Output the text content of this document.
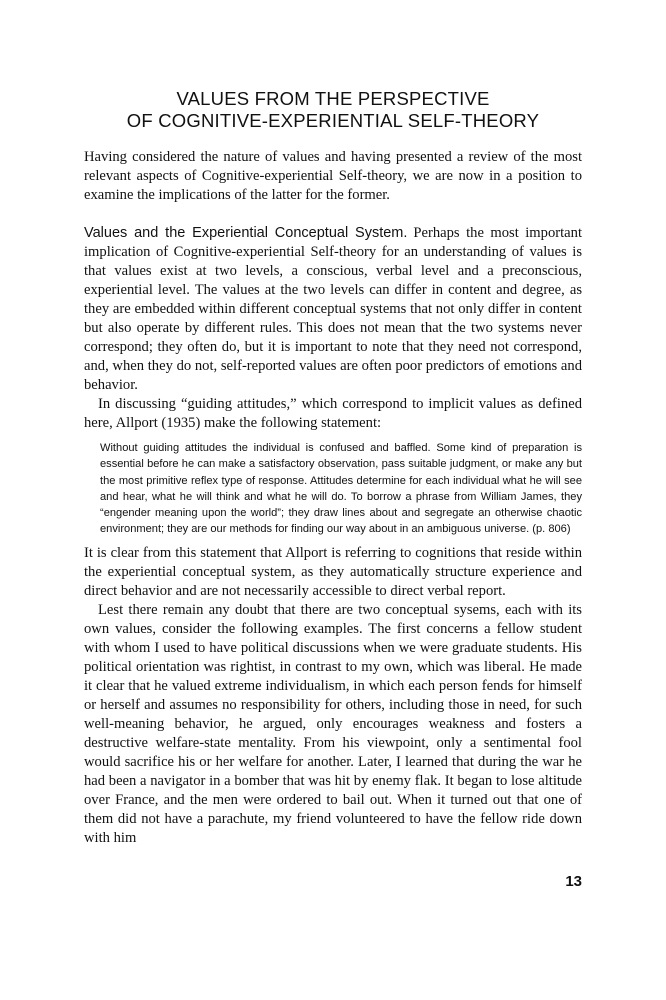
VALUES FROM THE PERSPECTIVE
OF COGNITIVE-EXPERIENTIAL SELF-THEORY

Having considered the nature of values and having presented a review of the most relevant aspects of Cognitive-experiential Self-theory, we are now in a position to examine the implications of the latter for the former.

Values and the Experiential Conceptual System. Perhaps the most important implication of Cognitive-experiential Self-theory for an understanding of values is that values exist at two levels, a conscious, verbal level and a preconscious, experiential level. The values at the two levels can differ in content and degree, as they are embedded within different conceptual systems that not only differ in content but also operate by different rules. This does not mean that the two systems never correspond; they often do, but it is important to note that they need not correspond, and, when they do not, self-reported values are often poor predictors of emotions and behavior.

In discussing “guiding attitudes,” which correspond to implicit values as defined here, Allport (1935) make the following statement:

Without guiding attitudes the individual is confused and baffled. Some kind of preparation is essential before he can make a satisfactory observation, pass suitable judgment, or make any but the most primitive reflex type of response. Attitudes determine for each individual what he will see and hear, what he will think and what he will do. To borrow a phrase from William James, they “engender meaning upon the world”; they draw lines about and segregate an otherwise chaotic environment; they are our methods for finding our way about in an ambiguous universe. (p. 806)

It is clear from this statement that Allport is referring to cognitions that reside within the experiential conceptual system, as they automatically structure experience and direct behavior and are not necessarily accessible to direct verbal report.

Lest there remain any doubt that there are two conceptual sysems, each with its own values, consider the following examples. The first concerns a fellow student with whom I used to have political discussions when we were graduate students. His political orientation was rightist, in contrast to my own, which was liberal. He made it clear that he valued extreme individualism, in which each person fends for himself or herself and assumes no responsibility for others, including those in need, for such well-meaning behavior, he argued, only encourages weakness and fosters a destructive welfare-state mentality. From his viewpoint, only a sentimental fool would sacrifice his or her welfare for another. Later, I learned that during the war he had been a navigator in a bomber that was hit by enemy flak. It began to lose altitude over France, and the men were ordered to bail out. When it turned out that one of them did not have a parachute, my friend volunteered to have the fellow ride down with him

13
